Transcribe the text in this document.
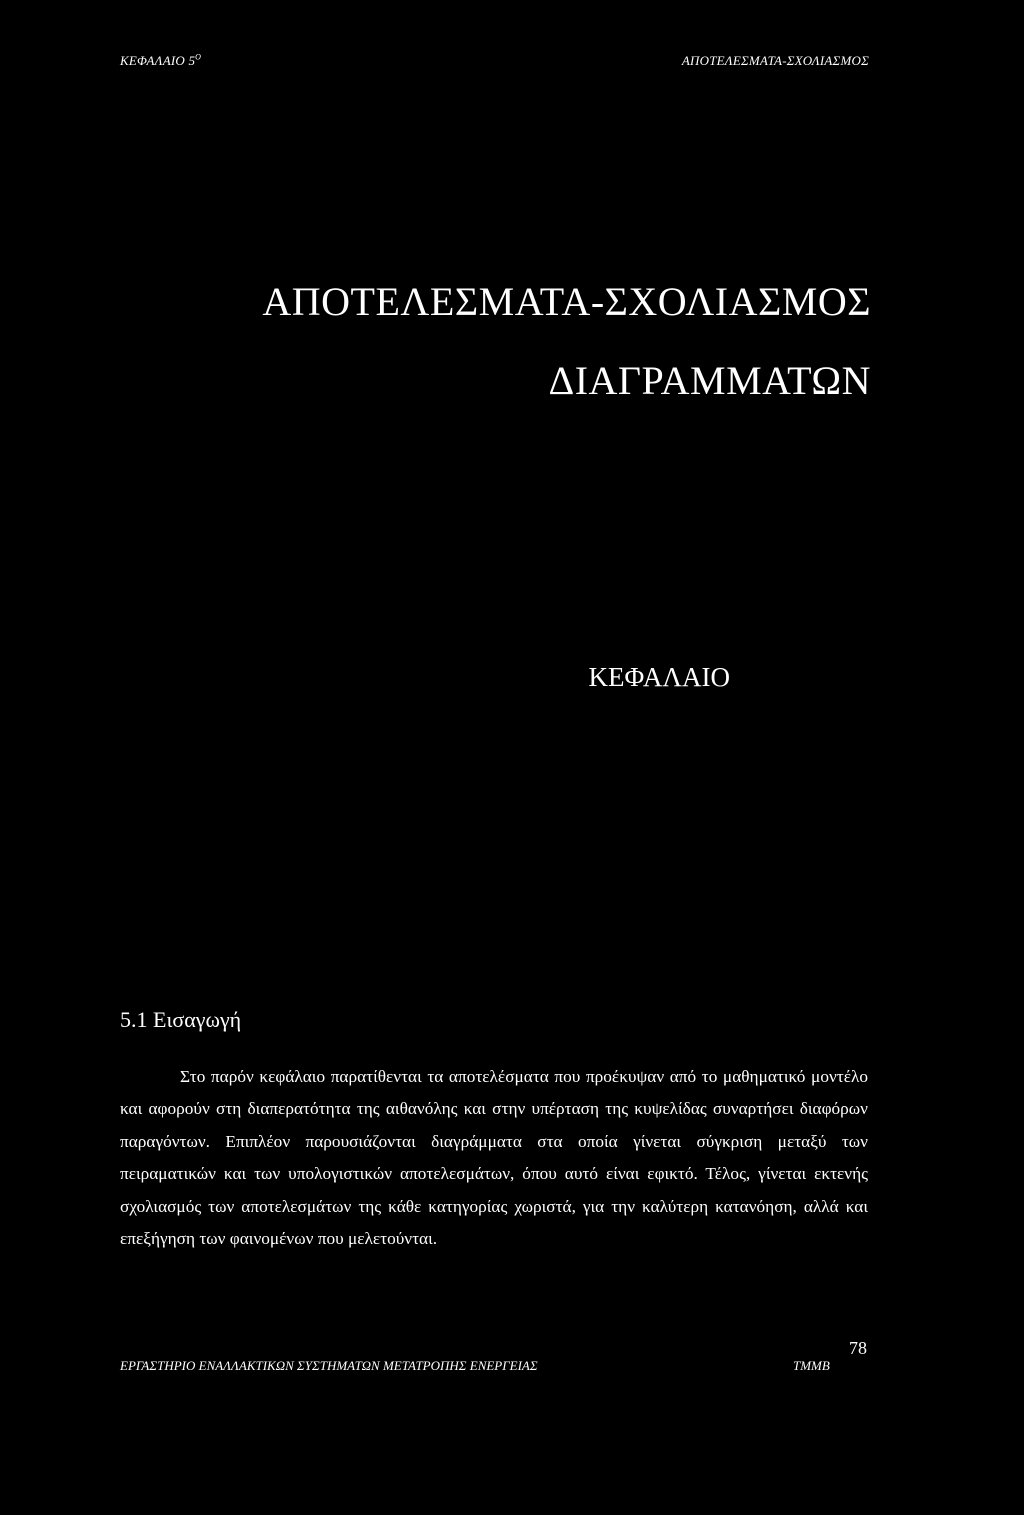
ΚΕΦΑΛΑΙΟ $5^O$	ΑΠΟΤΕΛΕΣΜΑΤΑ-ΣΧΟΛΙΑΣΜΟΣ
ΑΠΟΤΕΛΕΣΜΑΤΑ-ΣΧΟΛΙΑΣΜΟΣ
ΔΙΑΓΡΑΜΜΑΤΩΝ
ΚΕΦΑΛΑΙΟ
5.1 Εισαγωγή

Στο παρόν κεφάλαιο παρατίθενται τα αποτελέσματα που προέκυψαν από το μαθηματικό μοντέλο και αφορούν στη διαπερατότητα της αιθανόλης και στην υπέρταση της κυψελίδας συναρτήσει διαφόρων παραγόντων. Επιπλέον παρουσιάζονται διαγράμματα στα οποία γίνεται σύγκριση μεταξύ των πειραματικών και των υπολογιστικών αποτελεσμάτων, όπου αυτό είναι εφικτό. Τέλος, γίνεται εκτενής σχολιασμός των αποτελεσμάτων της κάθε κατηγορίας χωριστά, για την καλύτερη κατανόηση, αλλά και επεξήγηση των φαινομένων που μελετούνται.

78
ΕΡΓΑΣΤΗΡΙΟ ΕΝΑΛΛΑΚΤΙΚΩΝ ΣΥΣΤΗΜΑΤΩΝ ΜΕΤΑΤΡΟΠΗΣ ΕΝΕΡΓΕΙΑΣ	ΤΜΜΒ
